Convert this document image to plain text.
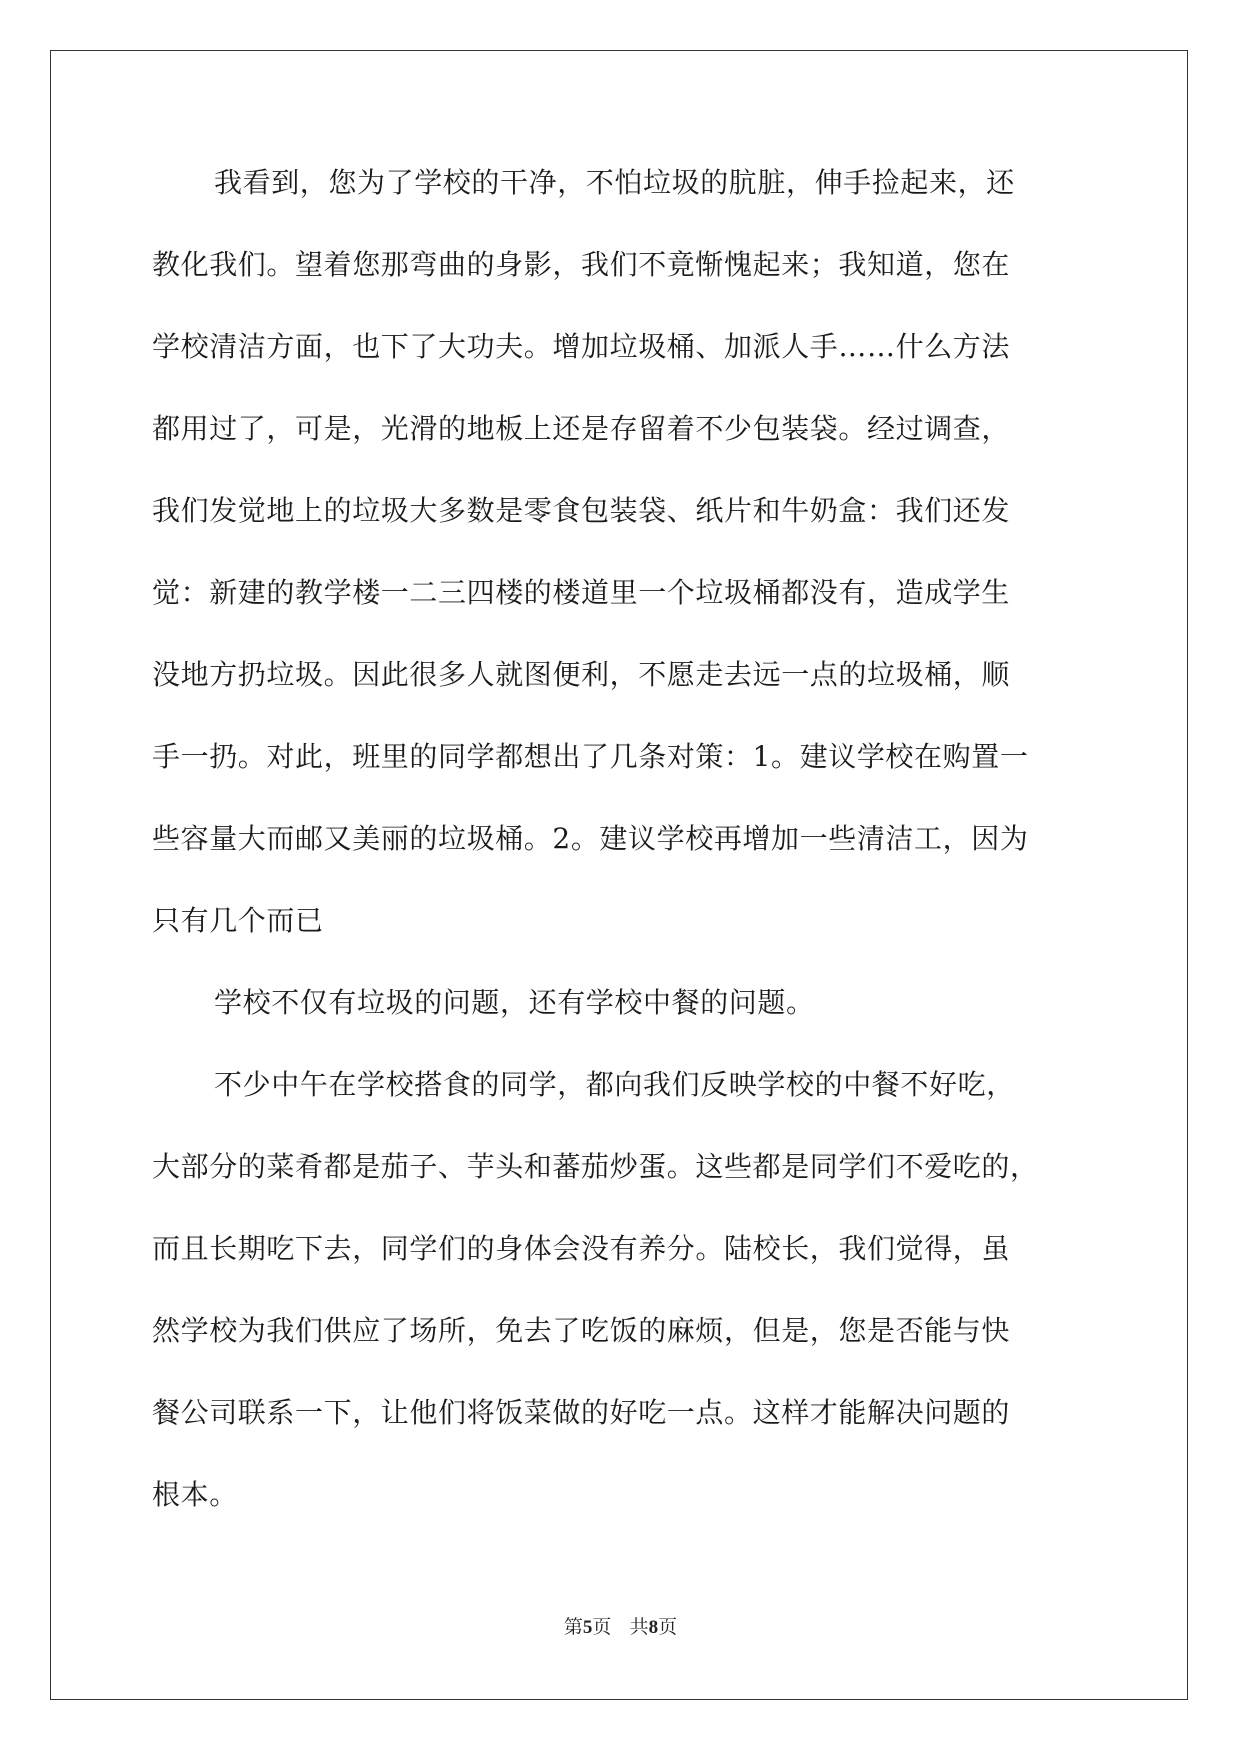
我看到，您为了学校的干净，不怕垃圾的肮脏，伸手捡起来，还
教化我们。望着您那弯曲的身影，我们不竟惭愧起来；我知道，您在
学校清洁方面，也下了大功夫。增加垃圾桶、加派人手……什么方法
都用过了，可是，光滑的地板上还是存留着不少包装袋。经过调查，
我们发觉地上的垃圾大多数是零食包装袋、纸片和牛奶盒：我们还发
觉：新建的教学楼一二三四楼的楼道里一个垃圾桶都没有，造成学生
没地方扔垃圾。因此很多人就图便利，不愿走去远一点的垃圾桶，顺
手一扔。对此，班里的同学都想出了几条对策：1。建议学校在购置一
些容量大而邮又美丽的垃圾桶。2。建议学校再增加一些清洁工，因为
只有几个而已
学校不仅有垃圾的问题，还有学校中餐的问题。
不少中午在学校搭食的同学，都向我们反映学校的中餐不好吃，
大部分的菜肴都是茄子、芋头和蕃茄炒蛋。这些都是同学们不爱吃的，
而且长期吃下去，同学们的身体会没有养分。陆校长，我们觉得，虽
然学校为我们供应了场所，免去了吃饭的麻烦，但是，您是否能与快
餐公司联系一下，让他们将饭菜做的好吃一点。这样才能解决问题的
根本。
第5页 共8页
